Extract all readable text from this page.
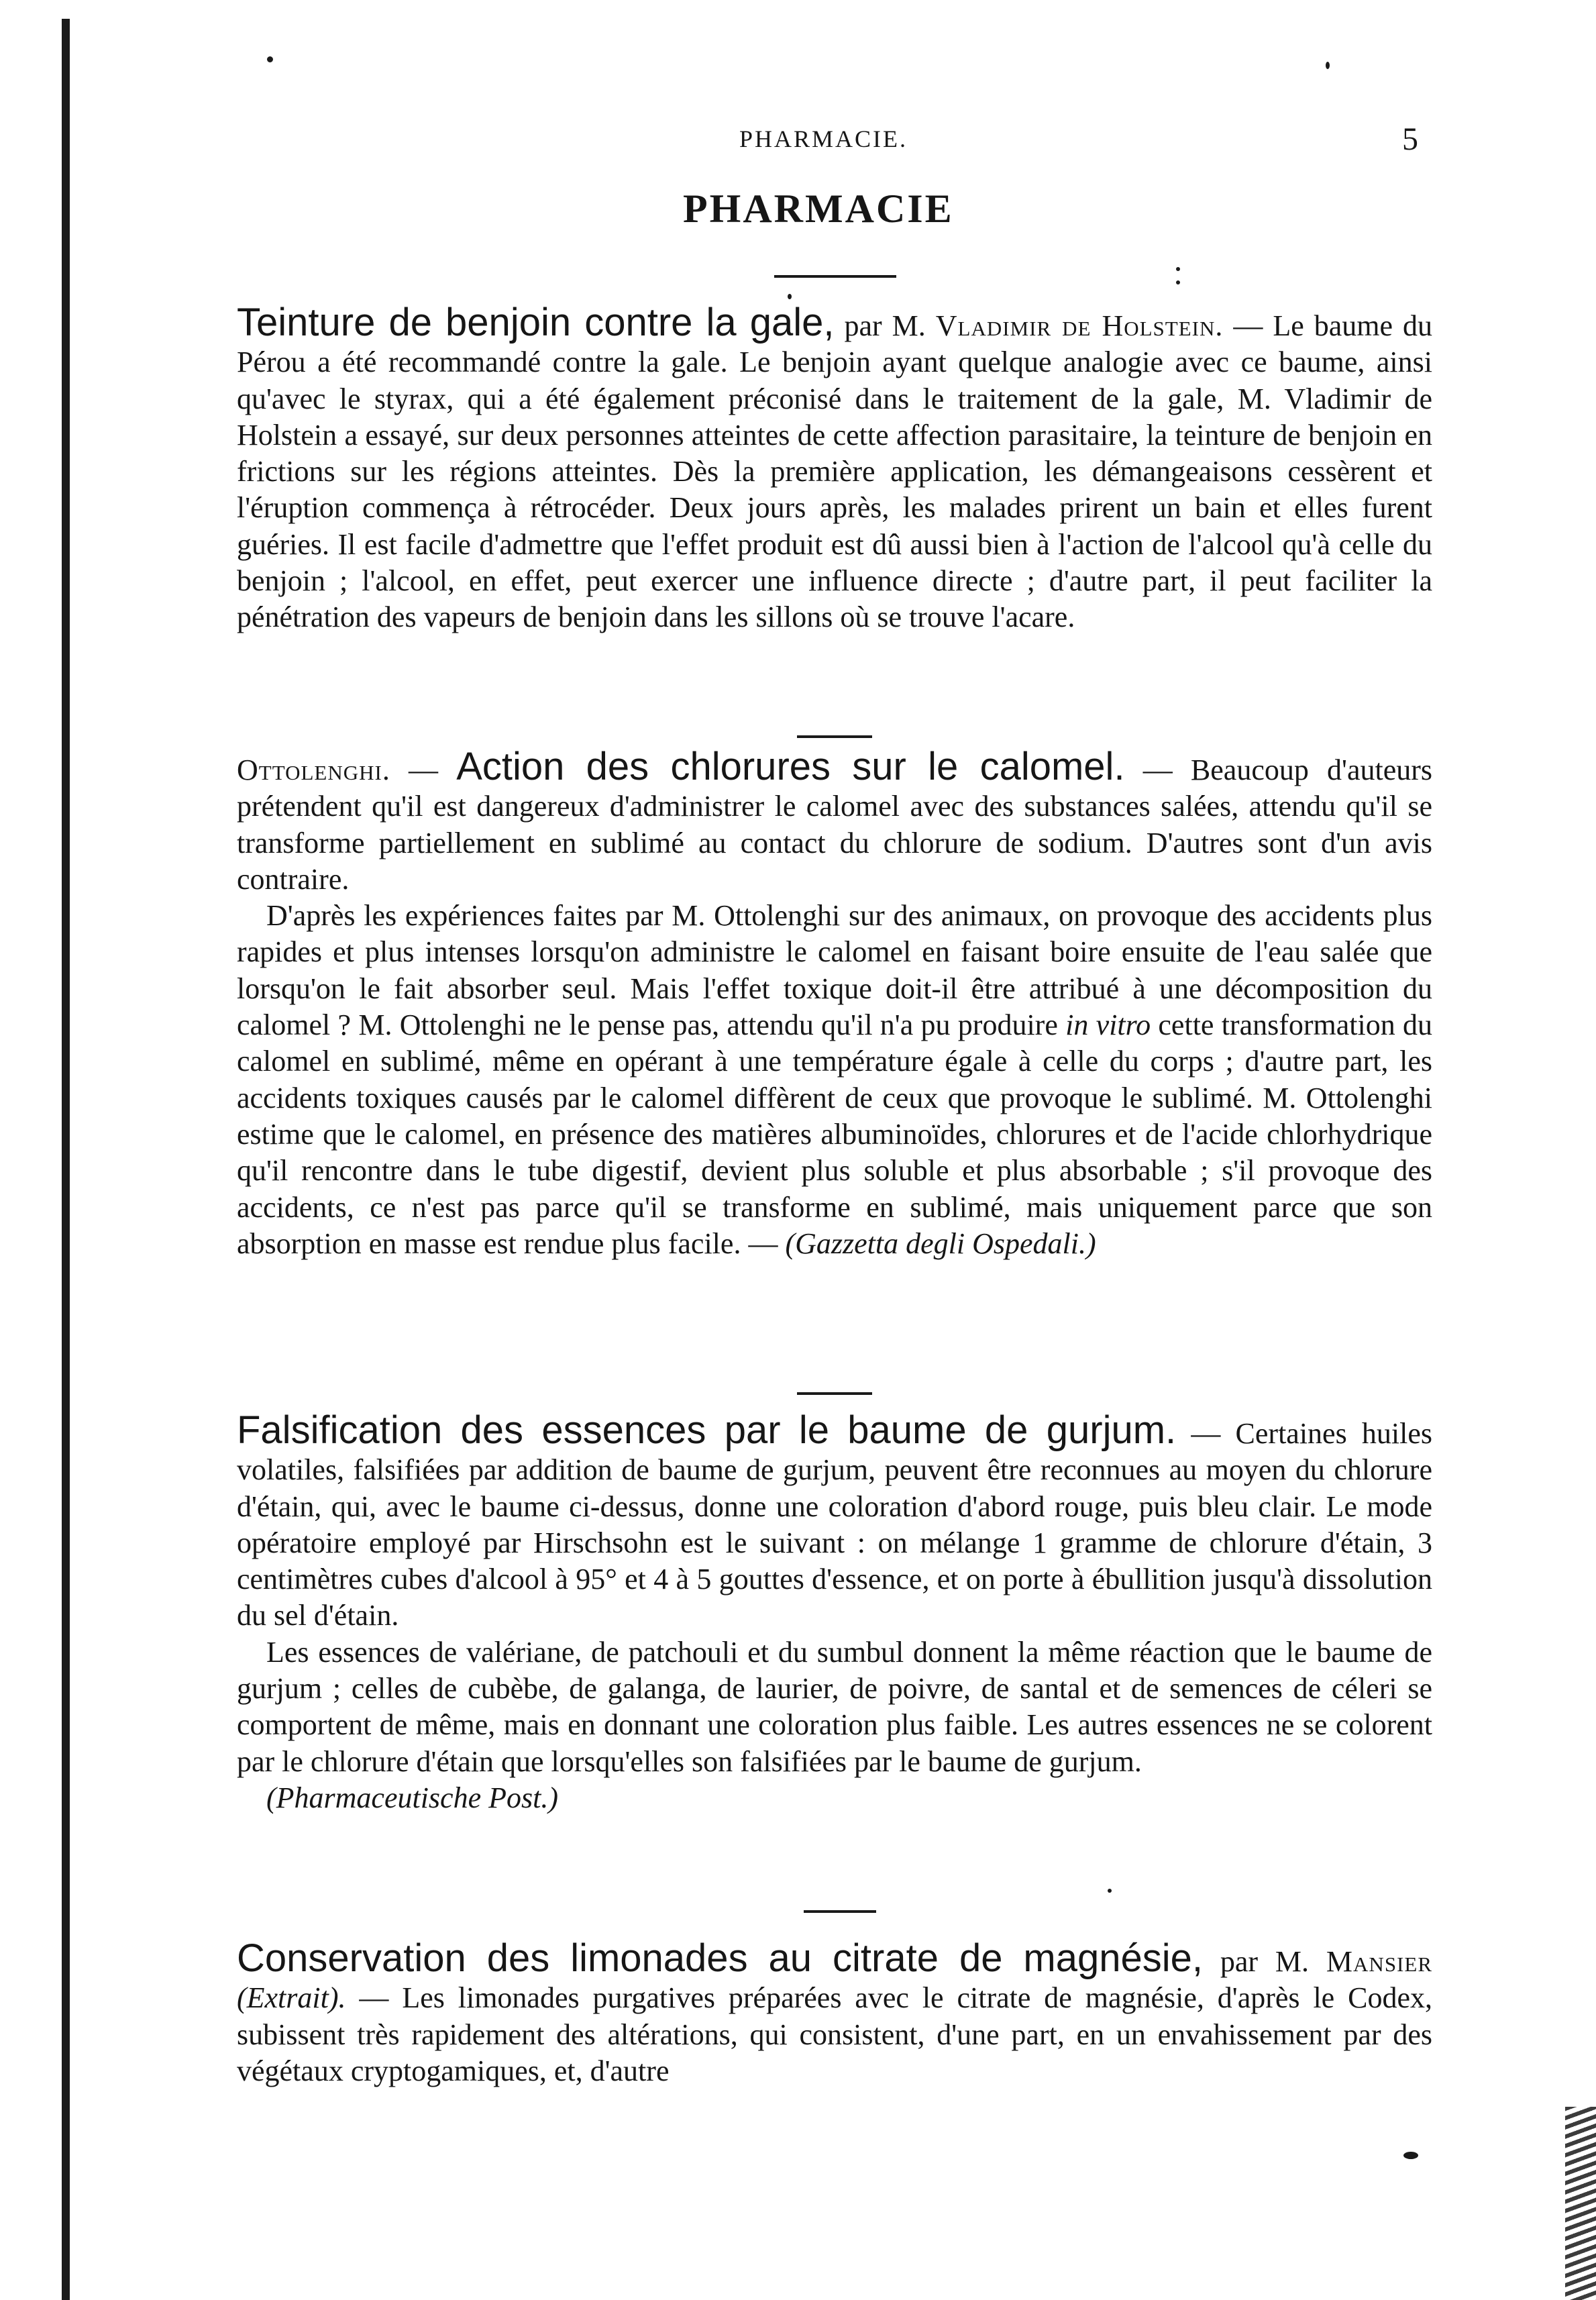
PHARMACIE.	5
PHARMACIE

Teinture de benjoin contre la gale, par M. Vladimir de Holstein. — Le baume du Pérou a été recommandé contre la gale. Le benjoin ayant quelque analogie avec ce baume, ainsi qu'avec le styrax, qui a été également préconisé dans le traitement de la gale, M. Vladimir de Holstein a essayé, sur deux personnes atteintes de cette affection parasitaire, la teinture de benjoin en frictions sur les régions atteintes. Dès la première application, les démangeaisons cessèrent et l'éruption commença à rétrocéder. Deux jours après, les malades prirent un bain et elles furent guéries. Il est facile d'admettre que l'effet produit est dû aussi bien à l'action de l'alcool qu'à celle du benjoin ; l'alcool, en effet, peut exercer une influence directe ; d'autre part, il peut faciliter la pénétration des vapeurs de benjoin dans les sillons où se trouve l'acare.

Ottolenghi. — Action des chlorures sur le calomel. — Beaucoup d'auteurs prétendent qu'il est dangereux d'administrer le calomel avec des substances salées, attendu qu'il se transforme partiellement en sublimé au contact du chlorure de sodium. D'autres sont d'un avis contraire.

D'après les expériences faites par M. Ottolenghi sur des animaux, on provoque des accidents plus rapides et plus intenses lorsqu'on administre le calomel en faisant boire ensuite de l'eau salée que lorsqu'on le fait absorber seul. Mais l'effet toxique doit-il être attribué à une décomposition du calomel ? M. Ottolenghi ne le pense pas, attendu qu'il n'a pu produire in vitro cette transformation du calomel en sublimé, même en opérant à une température égale à celle du corps ; d'autre part, les accidents toxiques causés par le calomel diffèrent de ceux que provoque le sublimé. M. Ottolenghi estime que le calomel, en présence des matières albuminoïdes, chlorures et de l'acide chlorhydrique qu'il rencontre dans le tube digestif, devient plus soluble et plus absorbable ; s'il provoque des accidents, ce n'est pas parce qu'il se transforme en sublimé, mais uniquement parce que son absorption en masse est rendue plus facile. — (Gazzetta degli Ospedali.)

Falsification des essences par le baume de gurjum. — Certaines huiles volatiles, falsifiées par addition de baume de gurjum, peuvent être reconnues au moyen du chlorure d'étain, qui, avec le baume ci-dessus, donne une coloration d'abord rouge, puis bleu clair. Le mode opératoire employé par Hirschsohn est le suivant : on mélange 1 gramme de chlorure d'étain, 3 centimètres cubes d'alcool à 95° et 4 à 5 gouttes d'essence, et on porte à ébullition jusqu'à dissolution du sel d'étain.

Les essences de valériane, de patchouli et du sumbul donnent la même réaction que le baume de gurjum ; celles de cubèbe, de galanga, de laurier, de poivre, de santal et de semences de céleri se comportent de même, mais en donnant une coloration plus faible. Les autres essences ne se colorent par le chlorure d'étain que lorsqu'elles son falsifiées par le baume de gurjum.

(Pharmaceutische Post.)

Conservation des limonades au citrate de magnésie, par M. Mansier (Extrait). — Les limonades purgatives préparées avec le citrate de magnésie, d'après le Codex, subissent très rapidement des altérations, qui consistent, d'une part, en un envahissement par des végétaux cryptogamiques, et, d'autre
